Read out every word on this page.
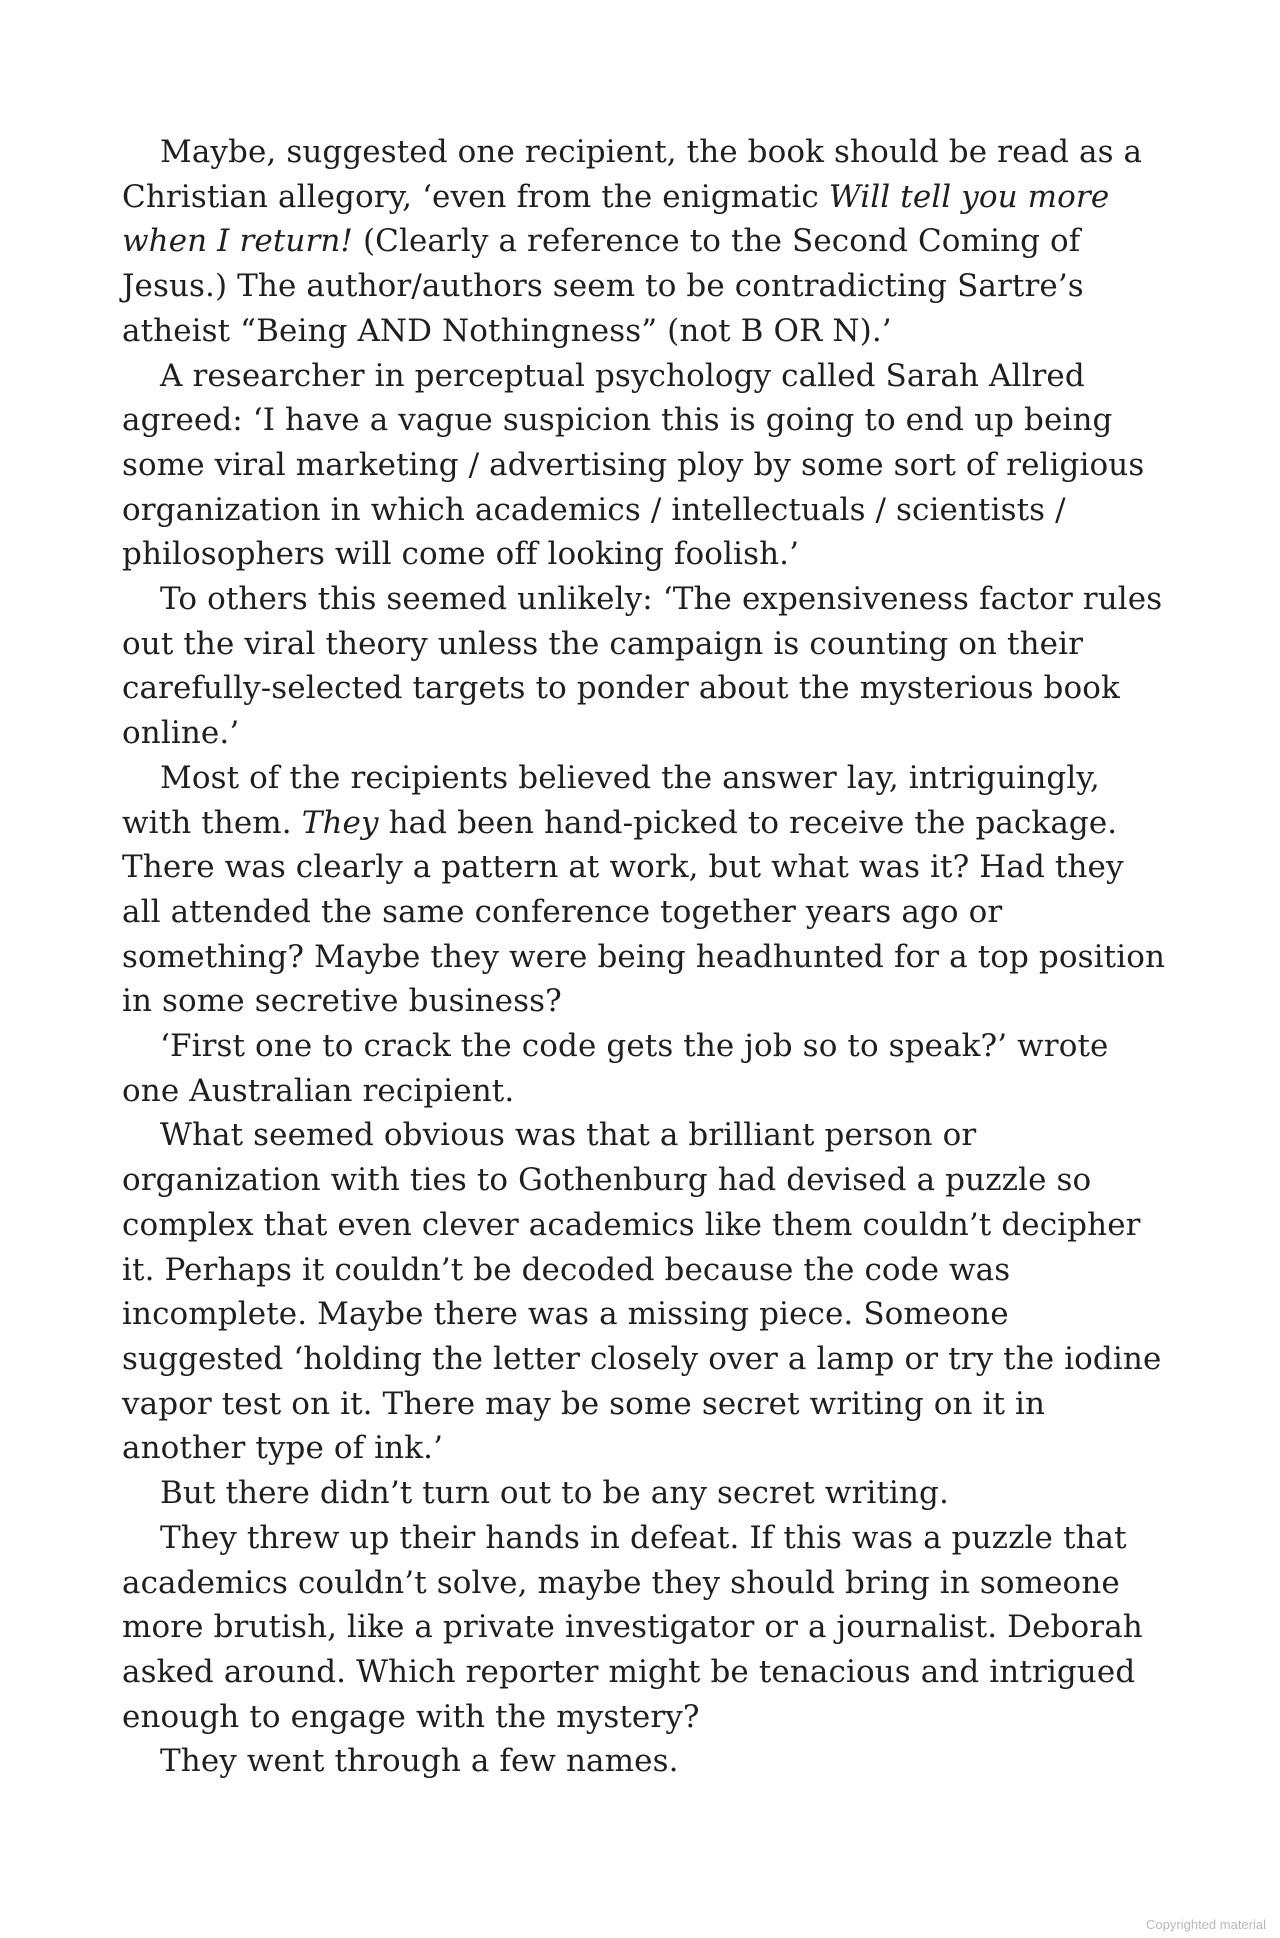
Maybe, suggested one recipient, the book should be read as a Christian allegory, ‘even from the enigmatic Will tell you more when I return! (Clearly a reference to the Second Coming of Jesus.) The author/authors seem to be contradicting Sartre’s atheist “Being AND Nothingness” (not B OR N).’

A researcher in perceptual psychology called Sarah Allred agreed: ‘I have a vague suspicion this is going to end up being some viral marketing / advertising ploy by some sort of religious organization in which academics / intellectuals / scientists / philosophers will come off looking foolish.’

To others this seemed unlikely: ‘The expensiveness factor rules out the viral theory unless the campaign is counting on their carefully-selected targets to ponder about the mysterious book online.’

Most of the recipients believed the answer lay, intriguingly, with them. They had been hand-picked to receive the package. There was clearly a pattern at work, but what was it? Had they all attended the same conference together years ago or something? Maybe they were being headhunted for a top position in some secretive business?

‘First one to crack the code gets the job so to speak?’ wrote one Australian recipient.

What seemed obvious was that a brilliant person or organization with ties to Gothenburg had devised a puzzle so complex that even clever academics like them couldn’t decipher it. Perhaps it couldn’t be decoded because the code was incomplete. Maybe there was a missing piece. Someone suggested ‘holding the letter closely over a lamp or try the iodine vapor test on it. There may be some secret writing on it in another type of ink.’

But there didn’t turn out to be any secret writing.

They threw up their hands in defeat. If this was a puzzle that academics couldn’t solve, maybe they should bring in someone more brutish, like a private investigator or a journalist. Deborah asked around. Which reporter might be tenacious and intrigued enough to engage with the mystery?

They went through a few names.

Copyrighted material
